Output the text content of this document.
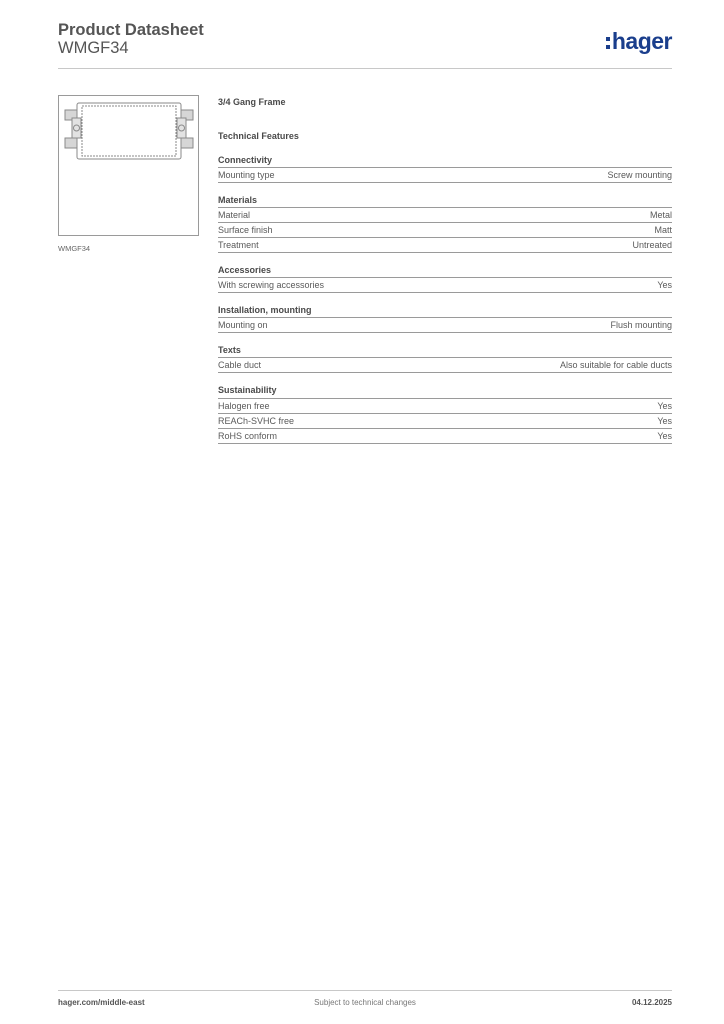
Product Datasheet
WMGF34	hager
WMGF34
3/4 Gang Frame
Technical Features
Connectivity
Mounting type	Screw mounting
Materials
Material	Metal
Surface finish	Matt
Treatment	Untreated
Accessories
With screwing accessories	Yes
Installation, mounting
Mounting on	Flush mounting
Texts
Cable duct	Also suitable for cable ducts
Sustainability
Halogen free	Yes
REACh-SVHC free	Yes
RoHS conform	Yes
Subject to technical changes
hager.com/middle-east	04.12.2025
